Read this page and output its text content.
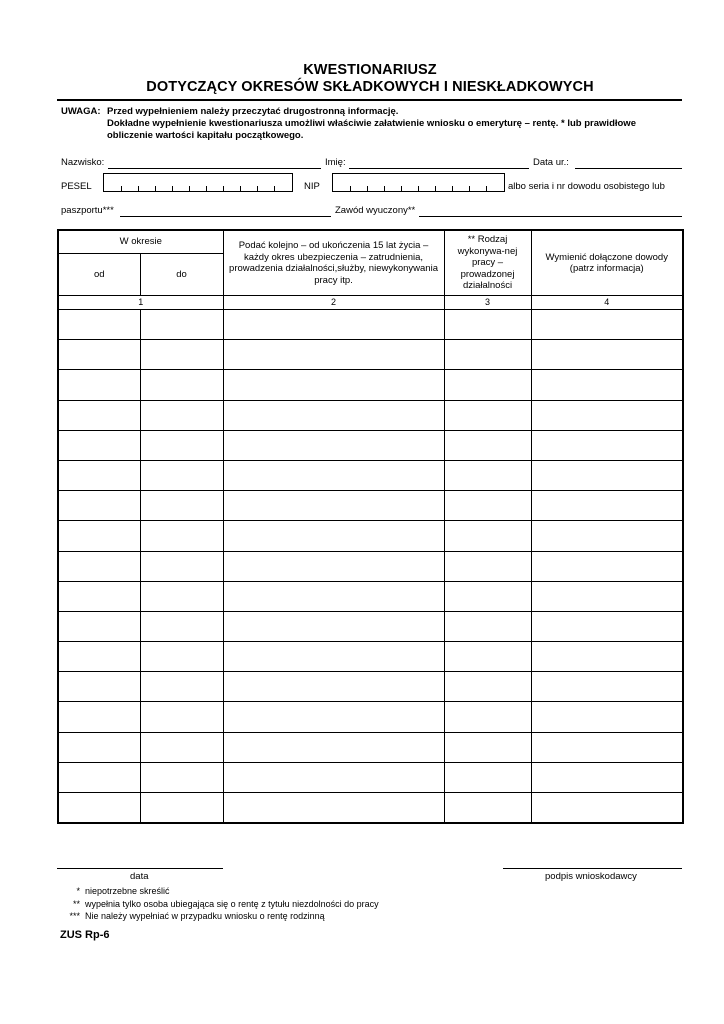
KWESTIONARIUSZ
DOTYCZĄCY OKRESÓW SKŁADKOWYCH I NIESKŁADKOWYCH
UWAGA: Przed wypełnieniem należy przeczytać drugostronną informację.
Dokładne wypełnienie kwestionariusza umożliwi właściwie załatwienie wniosku o emeryturę – rentę. * lub prawidłowe
obliczenie wartości kapitału początkowego.
Nazwisko:	Imię:	Data ur.:
PESEL	NIP	albo seria i nr dowodu osobistego lub
paszportu***	Zawód wyuczony**
W okresie		Podać kolejno – od ukończenia 15 lat życia – każdy okres ubezpieczenia – zatrudnienia, prowadzenia działalności,służby, niewykonywania pracy itp.	** Rodzaj wykonywa-nej pracy – prowadzonej działalności	Wymienić dołączone dowody (patrz informacja)
od	do			
1		2	3	4

data	podpis wnioskodawcy
* niepotrzebne skreślić
** wypełnia tylko osoba ubiegająca się o rentę z tytułu niezdolności do pracy
*** Nie należy wypełniać w przypadku wniosku o rentę rodzinną
ZUS Rp-6
